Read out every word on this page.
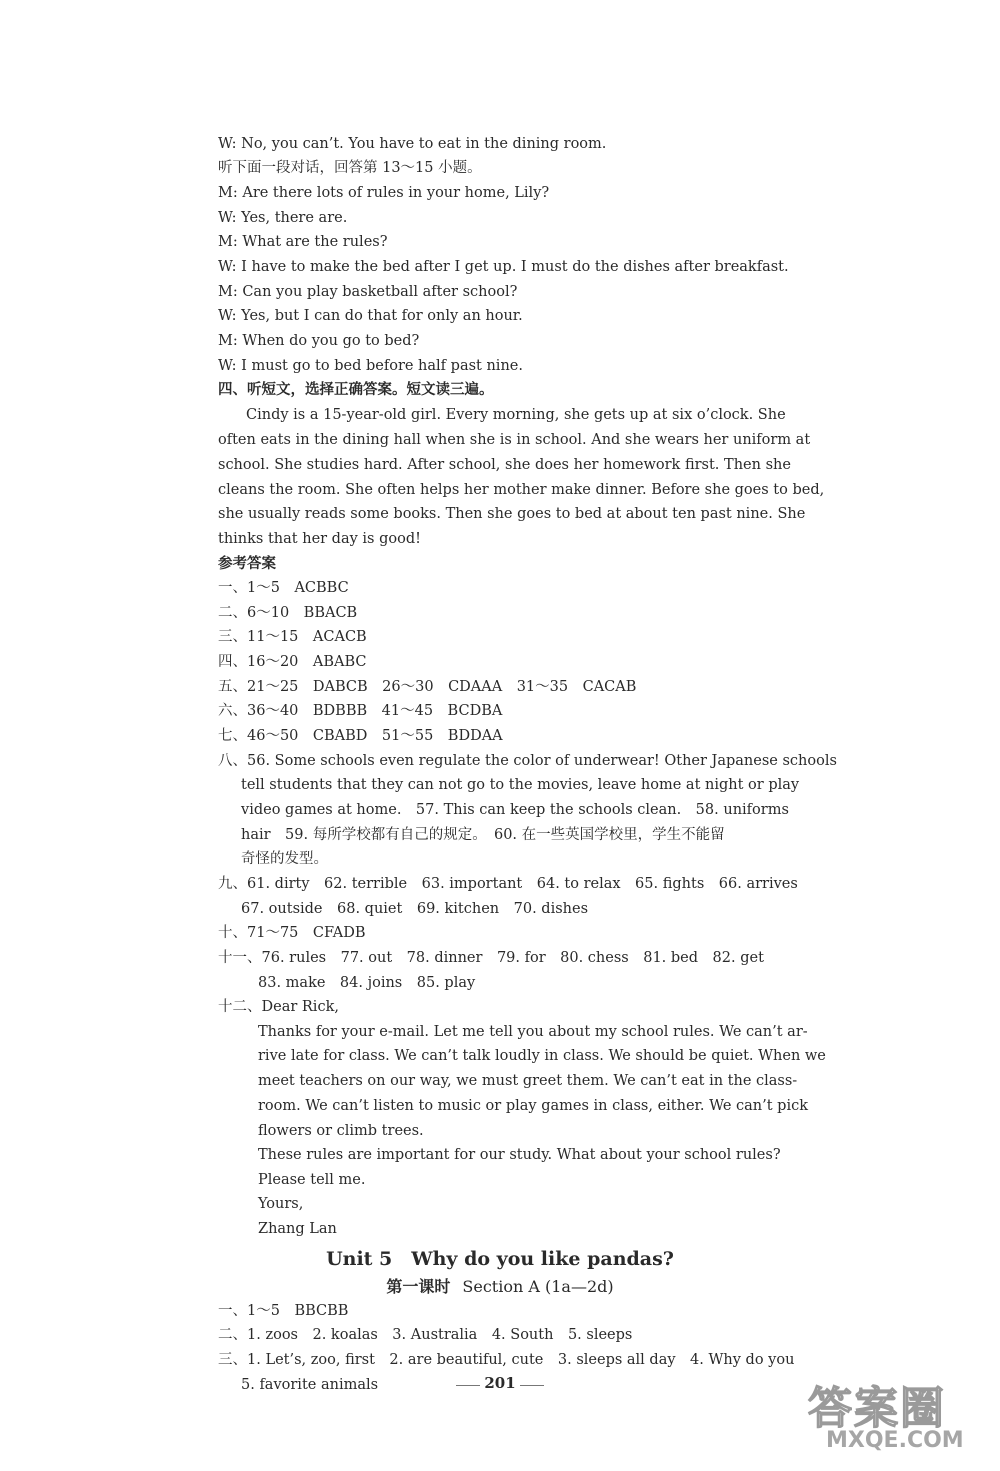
W: No, you can’t. You have to eat in the dining room.
听下面一段对话，回答第 13～15 小题。
M: Are there lots of rules in your home, Lily?
W: Yes, there are.
M: What are the rules?
W: I have to make the bed after I get up. I must do the dishes after breakfast.
M: Can you play basketball after school?
W: Yes, but I can do that for only an hour.
M: When do you go to bed?
W: I must go to bed before half past nine.
四、听短文，选择正确答案。短文读三遍。
Cindy is a 15-year-old girl. Every morning, she gets up at six o’clock. She
often eats in the dining hall when she is in school. And she wears her uniform at
school. She studies hard. After school, she does her homework first. Then she
cleans the room. She often helps her mother make dinner. Before she goes to bed,
she usually reads some books. Then she goes to bed at about ten past nine. She
thinks that her day is good!
参考答案
一、1～5　ACBBC
二、6～10　BBACB
三、11～15　ACACB
四、16～20　ABABC
五、21～25　DABCB　26～30　CDAAA　31～35　CACAB
六、36～40　BDBBB　41～45　BCDBA
七、46～50　CBABD　51～55　BDDAA
八、56. Some schools even regulate the color of underwear! Other Japanese schools
tell students that they can not go to the movies, leave home at night or play
video games at home.　57. This can keep the schools clean.　58. uniforms
hair　59. 每所学校都有自己的规定。　60. 在一些英国学校里，学生不能留
奇怪的发型。
九、61. dirty　62. terrible　63. important　64. to relax　65. fights　66. arrives
67. outside　68. quiet　69. kitchen　70. dishes
十、71～75　CFADB
十一、76. rules　77. out　78. dinner　79. for　80. chess　81. bed　82. get
83. make　84. joins　85. play
十二、Dear Rick,
Thanks for your e-mail. Let me tell you about my school rules. We can’t ar-
rive late for class. We can’t talk loudly in class. We should be quiet. When we
meet teachers on our way, we must greet them. We can’t eat in the class-
room. We can’t listen to music or play games in class, either. We can’t pick
flowers or climb trees.
These rules are important for our study. What about your school rules?
Please tell me.
Yours,
Zhang Lan
Unit 5　Why do you like pandas?
第一课时 Section A (1a—2d)
一、1～5　BBCBB
二、1. zoos　2. koalas　3. Australia　4. South　5. sleeps
三、1. Let’s, zoo, first　2. are beautiful, cute　3. sleeps all day　4. Why do you
5. favorite animals	201	答案圈
MXQE.COM
